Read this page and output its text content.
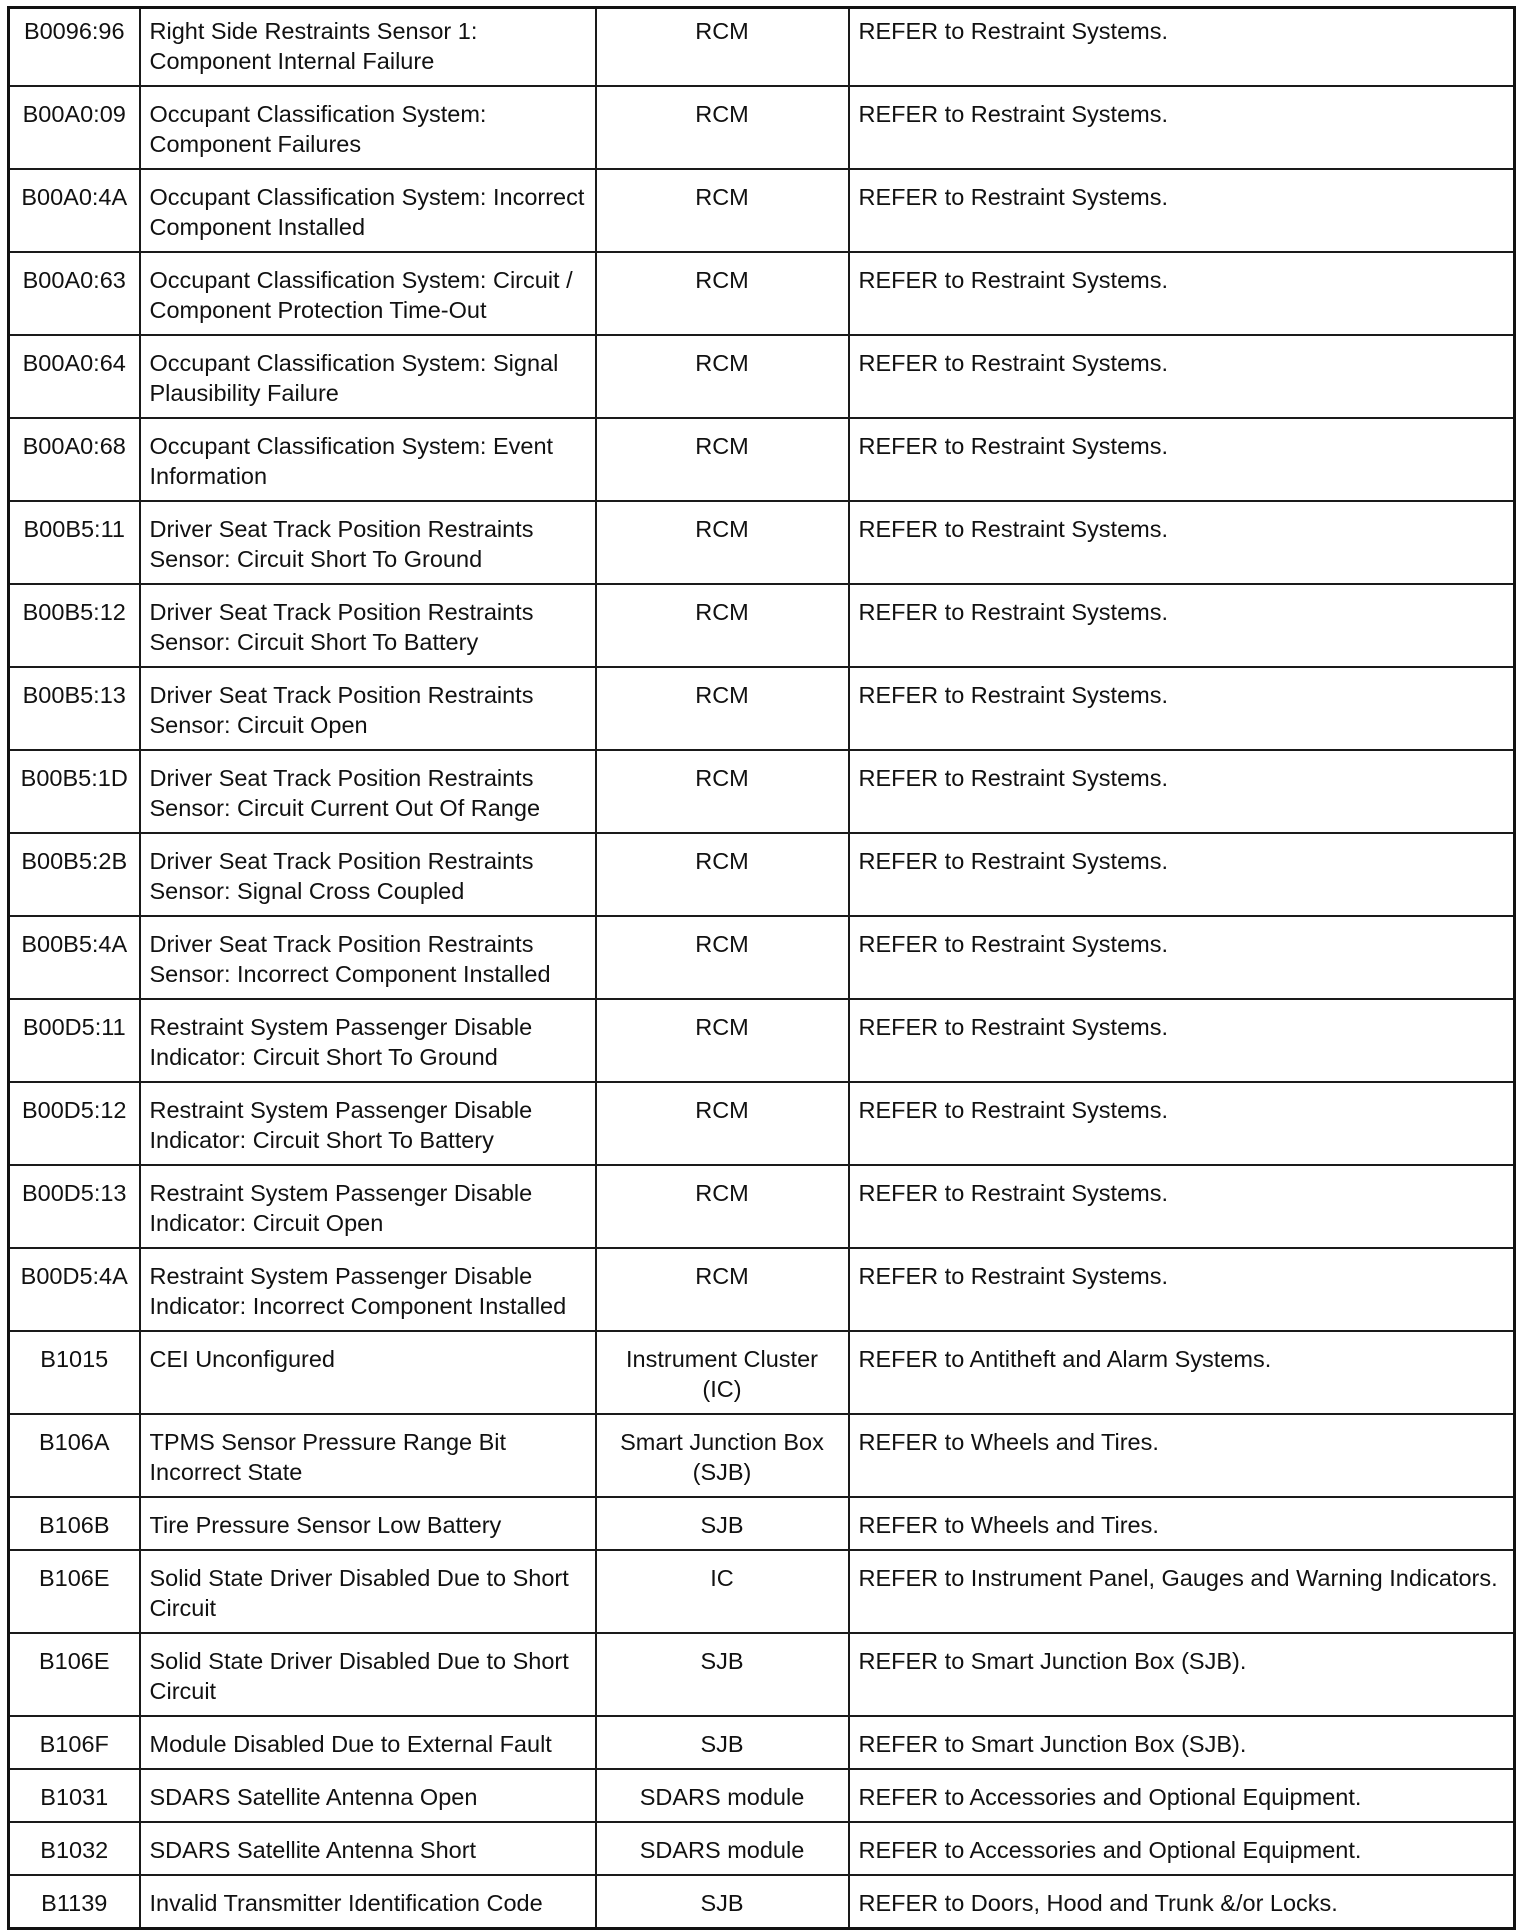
B0096:96	Right Side Restraints Sensor 1: Component Internal Failure	RCM	REFER to Restraint Systems.
B00A0:09	Occupant Classification System: Component Failures	RCM	REFER to Restraint Systems.
B00A0:4A	Occupant Classification System: Incorrect Component Installed	RCM	REFER to Restraint Systems.
B00A0:63	Occupant Classification System: Circuit / Component Protection Time-Out	RCM	REFER to Restraint Systems.
B00A0:64	Occupant Classification System: Signal Plausibility Failure	RCM	REFER to Restraint Systems.
B00A0:68	Occupant Classification System: Event Information	RCM	REFER to Restraint Systems.
B00B5:11	Driver Seat Track Position Restraints Sensor: Circuit Short To Ground	RCM	REFER to Restraint Systems.
B00B5:12	Driver Seat Track Position Restraints Sensor: Circuit Short To Battery	RCM	REFER to Restraint Systems.
B00B5:13	Driver Seat Track Position Restraints Sensor: Circuit Open	RCM	REFER to Restraint Systems.
B00B5:1D	Driver Seat Track Position Restraints Sensor: Circuit Current Out Of Range	RCM	REFER to Restraint Systems.
B00B5:2B	Driver Seat Track Position Restraints Sensor: Signal Cross Coupled	RCM	REFER to Restraint Systems.
B00B5:4A	Driver Seat Track Position Restraints Sensor: Incorrect Component Installed	RCM	REFER to Restraint Systems.
B00D5:11	Restraint System Passenger Disable Indicator: Circuit Short To Ground	RCM	REFER to Restraint Systems.
B00D5:12	Restraint System Passenger Disable Indicator: Circuit Short To Battery	RCM	REFER to Restraint Systems.
B00D5:13	Restraint System Passenger Disable Indicator: Circuit Open	RCM	REFER to Restraint Systems.
B00D5:4A	Restraint System Passenger Disable Indicator: Incorrect Component Installed	RCM	REFER to Restraint Systems.
B1015	CEI Unconfigured	Instrument Cluster (IC)	REFER to Antitheft and Alarm Systems.
B106A	TPMS Sensor Pressure Range Bit Incorrect State	Smart Junction Box (SJB)	REFER to Wheels and Tires.
B106B	Tire Pressure Sensor Low Battery	SJB	REFER to Wheels and Tires.
B106E	Solid State Driver Disabled Due to Short Circuit	IC	REFER to Instrument Panel, Gauges and Warning Indicators.
B106E	Solid State Driver Disabled Due to Short Circuit	SJB	REFER to Smart Junction Box (SJB).
B106F	Module Disabled Due to External Fault	SJB	REFER to Smart Junction Box (SJB).
B1031	SDARS Satellite Antenna Open	SDARS module	REFER to Accessories and Optional Equipment.
B1032	SDARS Satellite Antenna Short	SDARS module	REFER to Accessories and Optional Equipment.
B1139	Invalid Transmitter Identification Code	SJB	REFER to Doors, Hood and Trunk &/or Locks.
